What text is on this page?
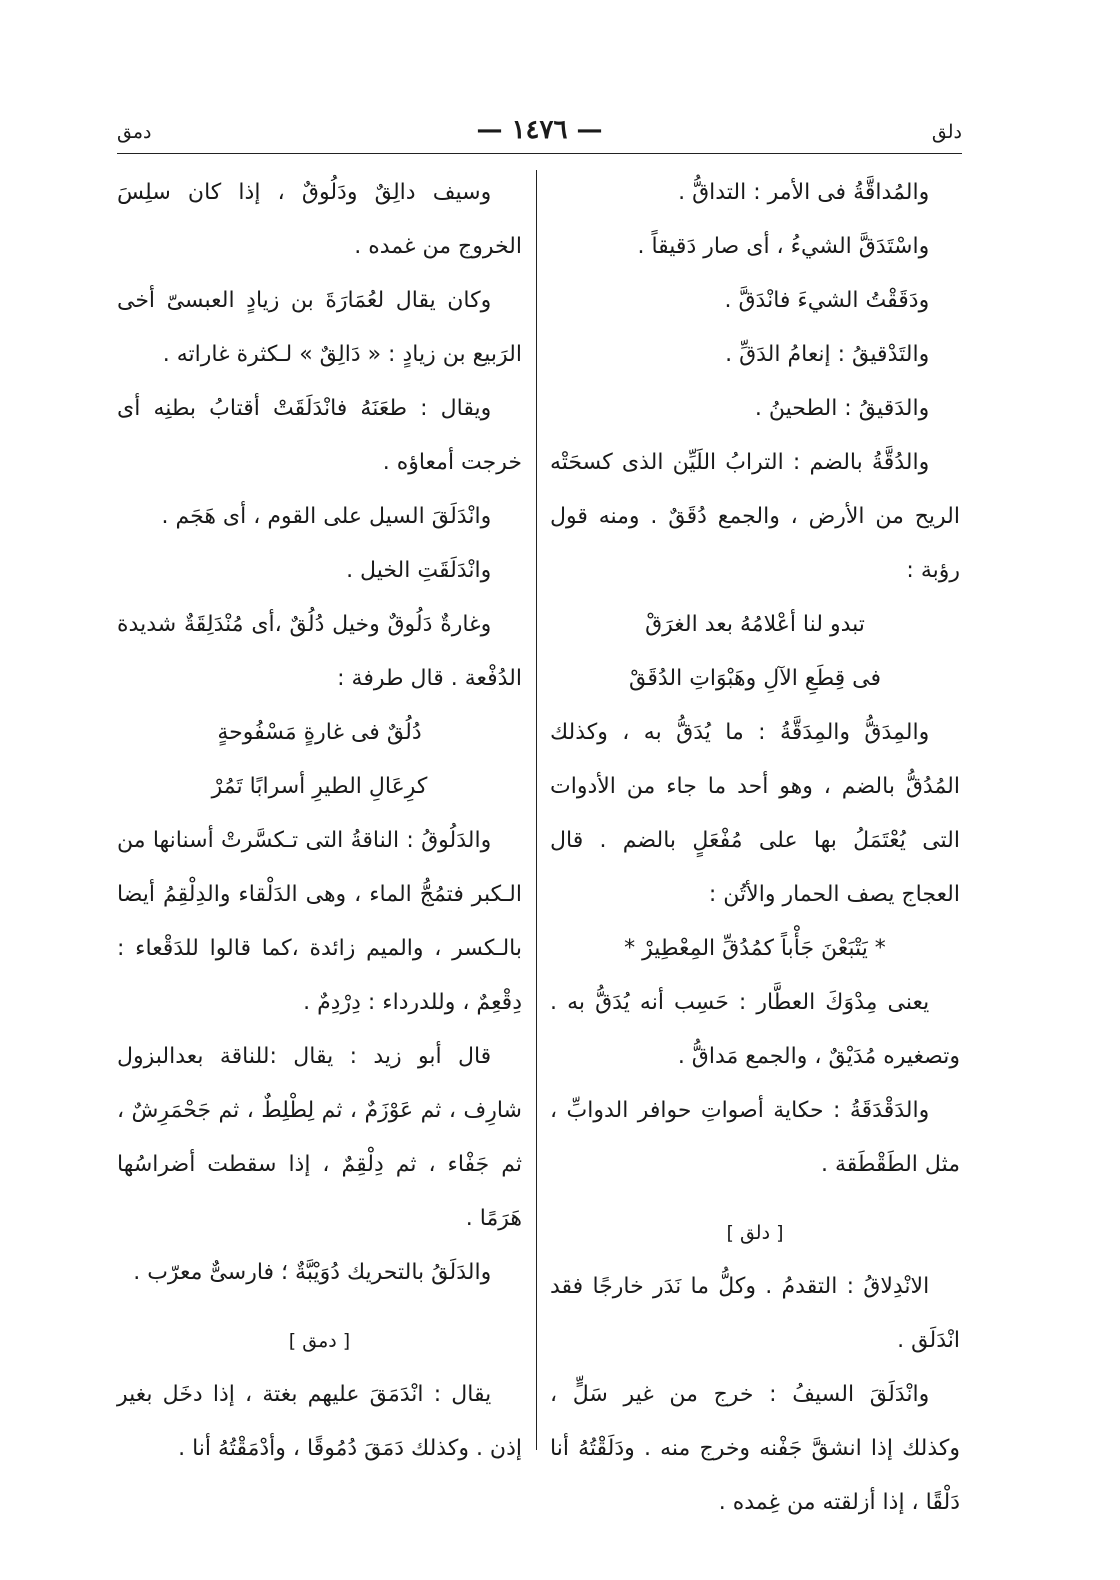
دلق
— ١٤٧٦ —
دمق

والمُداقَّةُ فى الأمر : التداقُّ .

واسْتَدَقَّ الشيءُ ، أى صار دَقيقاً .

ودَقَقْتُ الشيءَ فانْدَقَّ .

والتَدْقيقُ : إنعامُ الدَقِّ .

والدَقيقُ : الطحينُ .

والدُقَّةُ بالضم : الترابُ اللَيِّن الذى كسحَتْه الريح من الأرض ، والجمع دُقَقٌ . ومنه قول رؤبة :

تبدو لنا أعْلامُهُ بعد الغرَقْ

فى قِطَعِ الآلِ وهَبْوَاتِ الدُقَقْ

والمِدَقُّ والمِدَقَّةُ : ما يُدَقُّ به ، وكذلك المُدُقُّ بالضم ، وهو أحد ما جاء من الأدوات التى يُعْتَمَلُ بها على مُفْعَلٍ بالضم . قال العجاج يصف الحمار والأتُن :

* يَتْبَعْنَ جَأْباً كمُدُقِّ المِعْطِيرْ *

يعنى مِدْوَكَ العطَّار : حَسِب أنه يُدَقُّ به . وتصغيره مُدَيْقٌ ، والجمع مَداقُّ .

والدَقْدَقَةُ : حكاية أصواتِ حوافر الدوابِّ ، مثل الطَقْطَقة .

[ دلق ]

الانْدِلاقُ : التقدمُ . وكلُّ ما نَدَر خارجًا فقد انْدَلَق .

وانْدَلَقَ السيفُ : خرج من غير سَلٍّ ، وكذلك إذا انشقَّ جَفْنه وخرج منه . ودَلَقْتُهُ أنا دَلْقًا ، إذا أزلقته من غِمده .

وسيف دالِقٌ ودَلُوقٌ ، إذا كان سلِسَ الخروج من غمده .

وكان يقال لعُمَارَةَ بن زيادٍ العبسىّ أخى الرَبيع بن زيادٍ : « دَالِقٌ » لـكثرة غاراته .

ويقال : طعَنَهُ فانْدَلَقَتْ أقتابُ بطنِه أى خرجت أمعاؤه .

وانْدَلَقَ السيل على القوم ، أى هَجَم .

وانْدَلَقَتِ الخيل .

وغارةٌ دَلُوقٌ وخيل دُلُقٌ ،أى مُنْدَلِقَةٌ شديدة الدُفْعة . قال طرفة :

دُلُقٌ فى غارةٍ مَسْفُوحةٍ

كرِعَالِ الطيرِ أسرابًا تَمُرْ

والدَلُوقُ : الناقةُ التى تـكسَّرتْ أسنانها من الـكبر فتمُجُّ الماء ، وهى الدَلْقاء والدِلْقِمُ أيضا بالـكسر ، والميم زائدة ،كما قالوا للدَقْعاء : دِقْعِمٌ ، وللدرداء : دِرْدِمٌ .

قال أبو زيد : يقال :للناقة بعدالبزول شارِف ، ثم عَوْزَمٌ ، ثم لِطْلِطٌ ، ثم جَحْمَرِشٌ ، ثم جَفْاء ، ثم دِلْقِمٌ ، إذا سقطت أضراسُها هَرَمًا .

والدَلَقُ بالتحريك دُوَيْبَّةٌ ؛ فارسىٌّ معرّب .

[ دمق ]

يقال : انْدَمَقَ عليهم بغتة ، إذا دخَل بغير إذن . وكذلك دَمَقَ دُمُوقًا ، وأدْمَقْتُهُ أنا .
